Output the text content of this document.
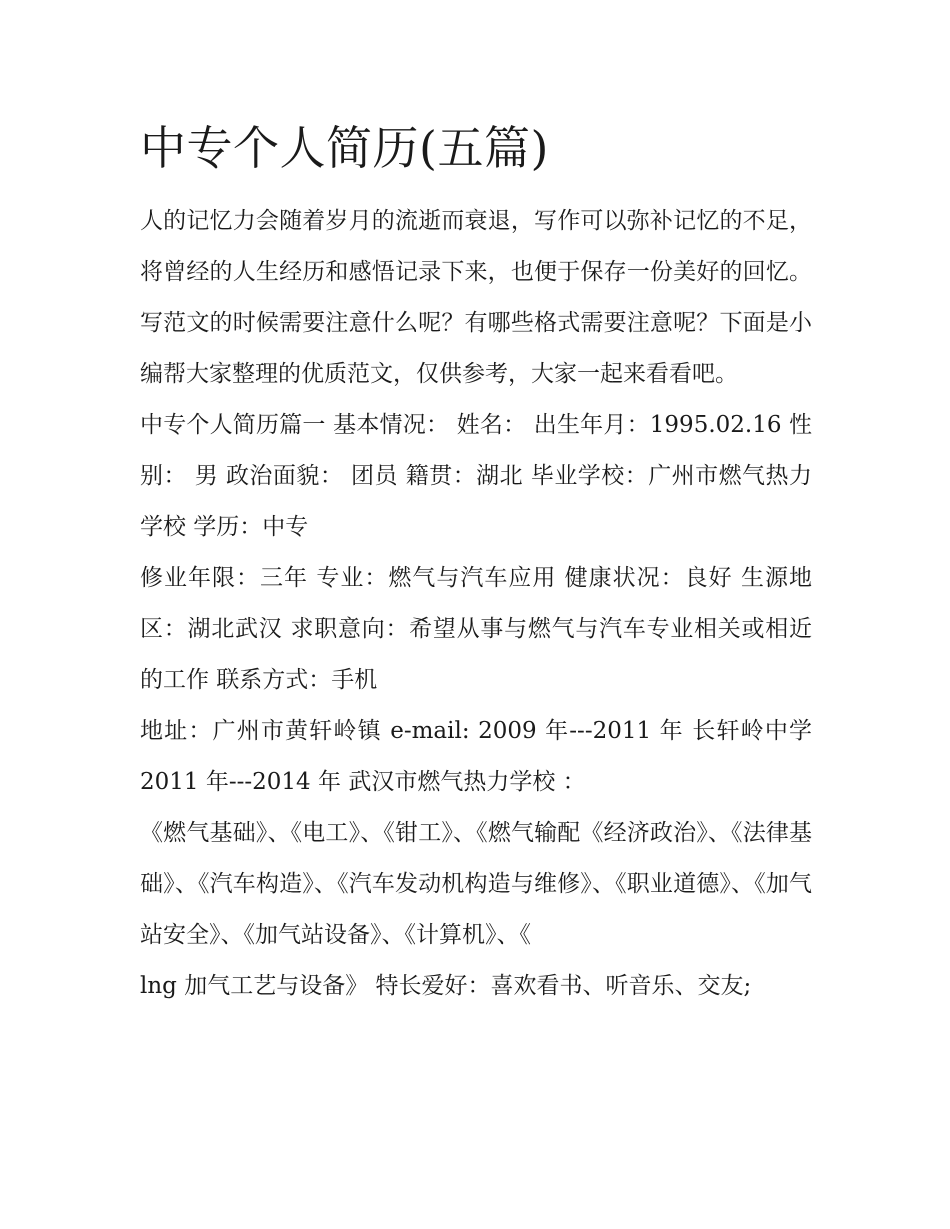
中专个人简历(五篇)

人的记忆力会随着岁月的流逝而衰退，写作可以弥补记忆的不足，将曾经的人生经历和感悟记录下来，也便于保存一份美好的回忆。写范文的时候需要注意什么呢？有哪些格式需要注意呢？下面是小编帮大家整理的优质范文，仅供参考，大家一起来看看吧。

中专个人简历篇一 基本情况： 姓名： 出生年月：1995.02.16 性别： 男 政治面貌： 团员 籍贯：湖北 毕业学校：广州市燃气热力学校 学历：中专

修业年限：三年 专业：燃气与汽车应用 健康状况：良好 生源地区：湖北武汉 求职意向：希望从事与燃气与汽车专业相关或相近的工作 联系方式：手机

地址：广州市黄轩岭镇 e-mail: 2009 年---2011 年 长轩岭中学 2011 年---2014 年 武汉市燃气热力学校 ：

《燃气基础》、《电工》、《钳工》、《燃气输配《经济政治》、《法律基础》、《汽车构造》、《汽车发动机构造与维修》、《职业道德》、《加气站安全》、《加气站设备》、《计算机》、《

lng 加气工艺与设备》 特长爱好：喜欢看书、听音乐、交友;
